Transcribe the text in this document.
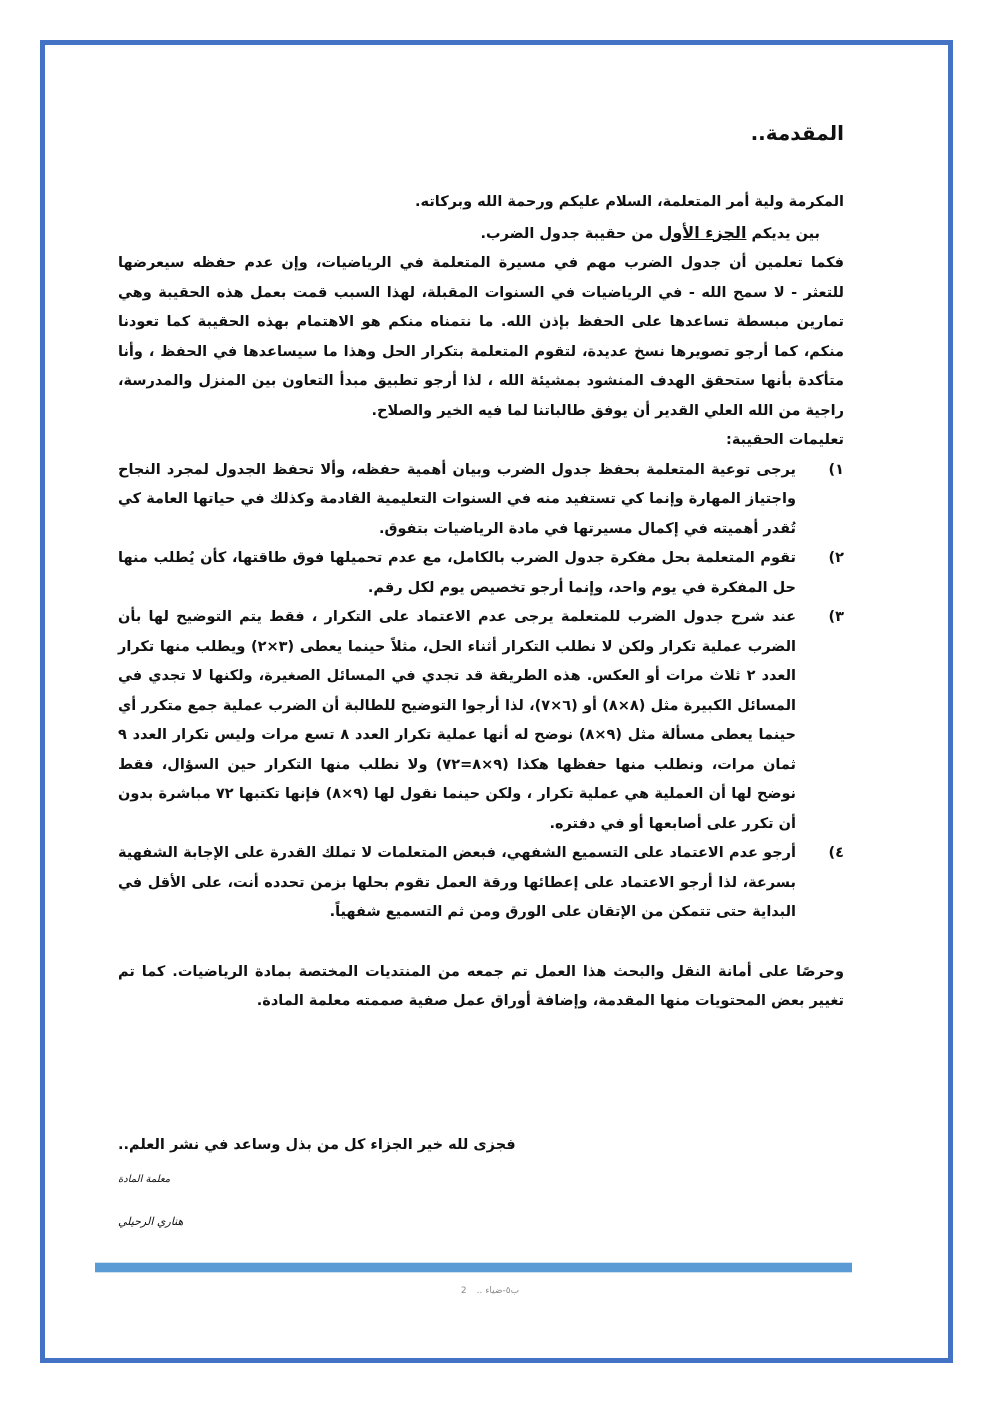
المقدمة..

المكرمة ولية أمر المتعلمة، السلام عليكم ورحمة الله وبركاته.

بين يديكم الجزء الأول من حقيبة جدول الضرب.

فكما تعلمين أن جدول الضرب مهم في مسيرة المتعلمة في الرياضيات، وإن عدم حفظه سيعرضها للتعثر - لا سمح الله - في الرياضيات في السنوات المقبلة، لهذا السبب قمت بعمل هذه الحقيبة وهي تمارين مبسطة تساعدها على الحفظ بإذن الله. ما نتمناه منكم هو الاهتمام بهذه الحقيبة كما تعودنا منكم، كما أرجو تصويرها نسخ عديدة، لتقوم المتعلمة بتكرار الحل وهذا ما سيساعدها في الحفظ ، وأنا متأكدة بأنها ستحقق الهدف المنشود بمشيئة الله ، لذا أرجو تطبيق مبدأ التعاون بين المنزل والمدرسة، راجية من الله العلي القدير أن يوفق طالباتنا لما فيه الخير والصلاح.

تعليمات الحقيبة:

١)
يرجى توعية المتعلمة بحفظ جدول الضرب وبيان أهمية حفظه، وألا تحفظ الجدول لمجرد النجاح واجتياز المهارة وإنما كي تستفيد منه في السنوات التعليمية القادمة وكذلك في حياتها العامة كي تُقدر أهميته في إكمال مسيرتها في مادة الرياضيات بتفوق.
٢)
تقوم المتعلمة بحل مفكرة جدول الضرب بالكامل، مع عدم تحميلها فوق طاقتها، كأن يُطلب منها حل المفكرة في يوم واحد، وإنما أرجو تخصيص يوم لكل رقم.
٣)
عند شرح جدول الضرب للمتعلمة يرجى عدم الاعتماد على التكرار ، فقط يتم التوضيح لها بأن الضرب عملية تكرار ولكن لا نطلب التكرار أثناء الحل، مثلاً حينما يعطى (٣×٢) ويطلب منها تكرار العدد ٢ ثلاث مرات أو العكس. هذه الطريقة قد تجدي في المسائل الصغيرة، ولكنها لا تجدي في المسائل الكبيرة مثل (٨×٨) أو (٦×٧)، لذا أرجوا التوضيح للطالبة أن الضرب عملية جمع متكرر أي حينما يعطى مسألة مثل (٩×٨) نوضح له أنها عملية تكرار العدد ٨ تسع مرات وليس تكرار العدد ٩ ثمان مرات، ونطلب منها حفظها هكذا (٩×٨=٧٢) ولا نطلب منها التكرار حين السؤال، فقط نوضح لها أن العملية هي عملية تكرار ، ولكن حينما نقول لها (٩×٨) فإنها تكتبها ٧٢ مباشرة بدون أن تكرر على أصابعها أو في دفتره.
٤)
أرجو عدم الاعتماد على التسميع الشفهي، فبعض المتعلمات لا تملك القدرة على الإجابة الشفهية بسرعة، لذا أرجو الاعتماد على إعطائها ورقة العمل تقوم بحلها بزمن تحدده أنت، على الأقل في البداية حتى تتمكن من الإتقان على الورق ومن ثم التسميع شفهياً.

وحرصًا على أمانة النقل والبحث هذا العمل تم جمعه من المنتديات المختصة بمادة الرياضيات. كما تم تغيير بعض المحتويات منها المقدمة، وإضافة أوراق عمل صفية صممته معلمة المادة.

فجزى لله خير الجزاء كل من بذل وساعد في نشر العلم..
معلمة المادة
هناري الرحيلي
ب٥-ضياء ..2
